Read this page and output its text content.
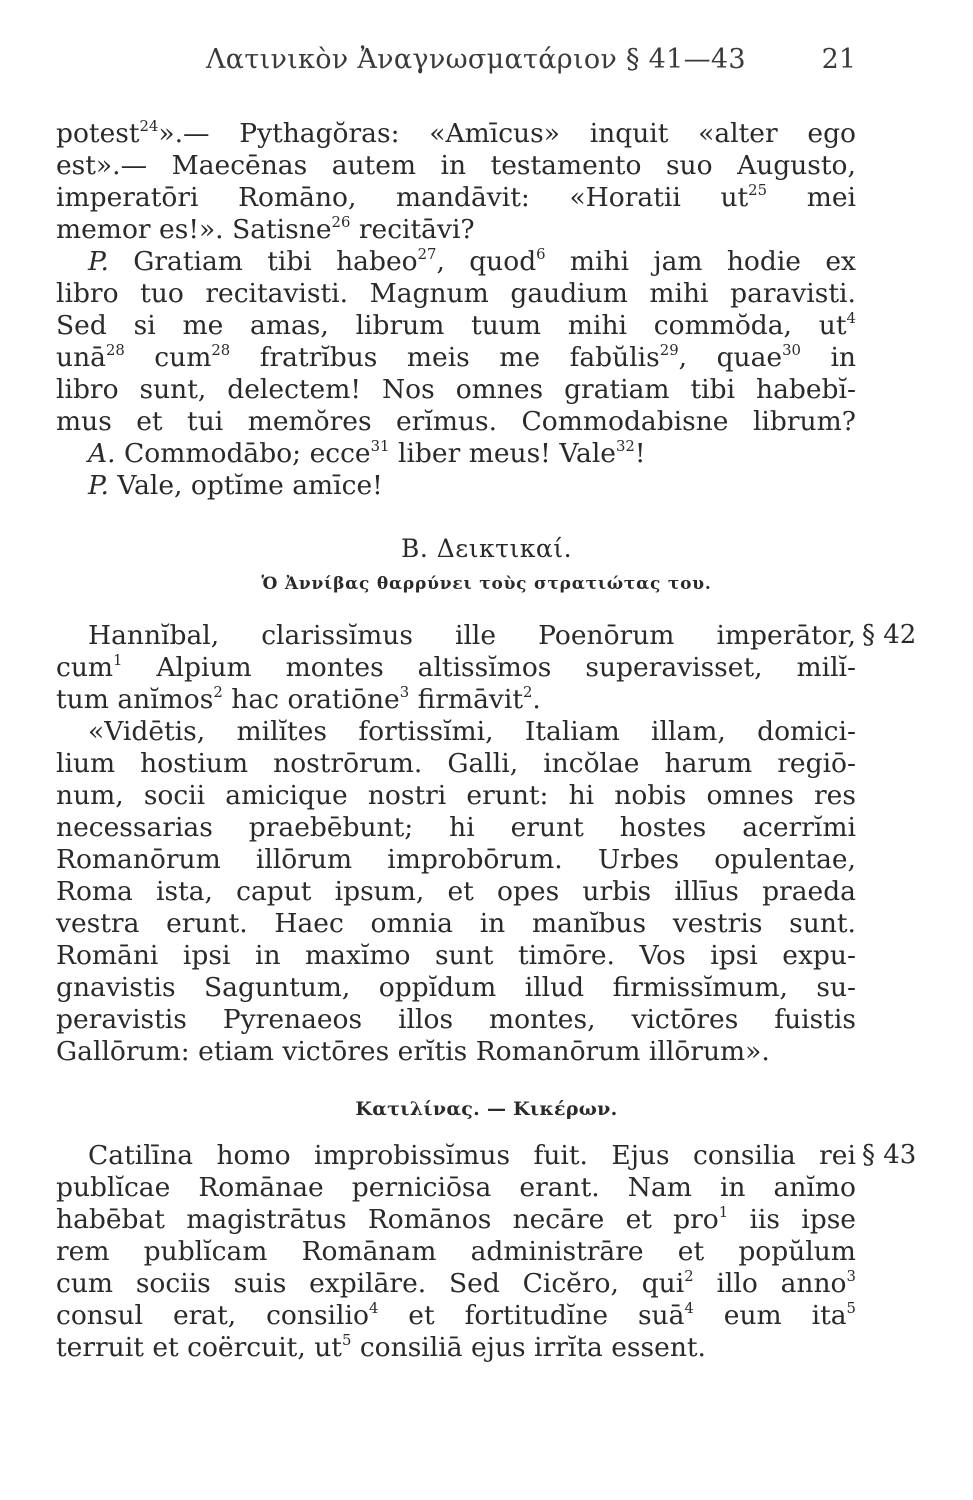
Λατινικὸν Ἀναγνωσματάριον § 41—43	21
potest$^{24}$».— Pythagŏras: «Amīcus» inquit «alter ego
est».— Maecēnas autem in testamento suo Augusto,
imperatōri Romāno, mandāvit: «Horatii $ut^{25}$ mei
memor es!». Satisne$^{26}$ recitāvi?
P. Gratiam tibi habeo$^{27}$, quod$^6$ mihi jam hodie ex
libro tuo recitavisti. Magnum gaudium mihi paravisti.
Sed si me amas, librum tuum mihi commŏda, $ut^4$
unā$^{28}$ cum$^{28}$ fratrĭbus meis me fabŭlis$^{29}$, quae$^{30}$ in
libro sunt, delectem! Nos omnes gratiam tibi habebĭ-
mus et tui memŏres erĭmus. Commodabisne librum?
A. Commodābo; ecce$^{31}$ liber meus! Vale$^{32}$!
P. Vale, optĭme amīce!
B. Δεικτικαί.
Ὁ Ἀννίβας θαρρύνει τοὺς στρατιώτας του.
Hannĭbal, clarissĭmus ille Poenōrum imperātor,
cum$^1$ Alpium montes altissĭmos superavisset, milĭ-
tum anĭmos$^2$ hac oratiōne$^3$ firmāvit$^2$.
«Vidētis, milĭtes fortissĭmi, Italiam illam, domici-
lium hostium nostrōrum. Galli, incŏlae harum regiō-
num, socii amicique nostri erunt: hi nobis omnes res
necessarias praebēbunt; hi erunt hostes acerrĭmi
Romanōrum illōrum improbōrum. Urbes opulentae,
Roma ista, caput ipsum, et opes urbis illīus praeda
vestra erunt. Haec omnia in manĭbus vestris sunt.
Romāni ipsi in maxĭmo sunt timōre. Vos ipsi expu-
gnavistis Saguntum, oppĭdum illud firmissĭmum, su-
peravistis Pyrenaeos illos montes, victōres fuistis
Gallōrum: etiam victōres erĭtis Romanōrum illōrum».
§ 42
Κατιλίνας. — Κικέρων.
Catilīna homo improbissĭmus fuit. Ejus consilia rei
publĭcae Romānae perniciōsa erant. Nam in anĭmo
habēbat magistrātus Romānos necāre et pro$^1$ iis ipse
rem publĭcam Romānam administrāre et popŭlum
cum sociis suis expilāre. Sed Cicĕro, qui$^2$ illo anno$^3$
consul erat, consilio$^4$ et fortitudĭne suā$^4$ eum ita$^5$
terruit et coërcuit, $ut^5$ consiliā ejus irrĭta essent.
§ 43
